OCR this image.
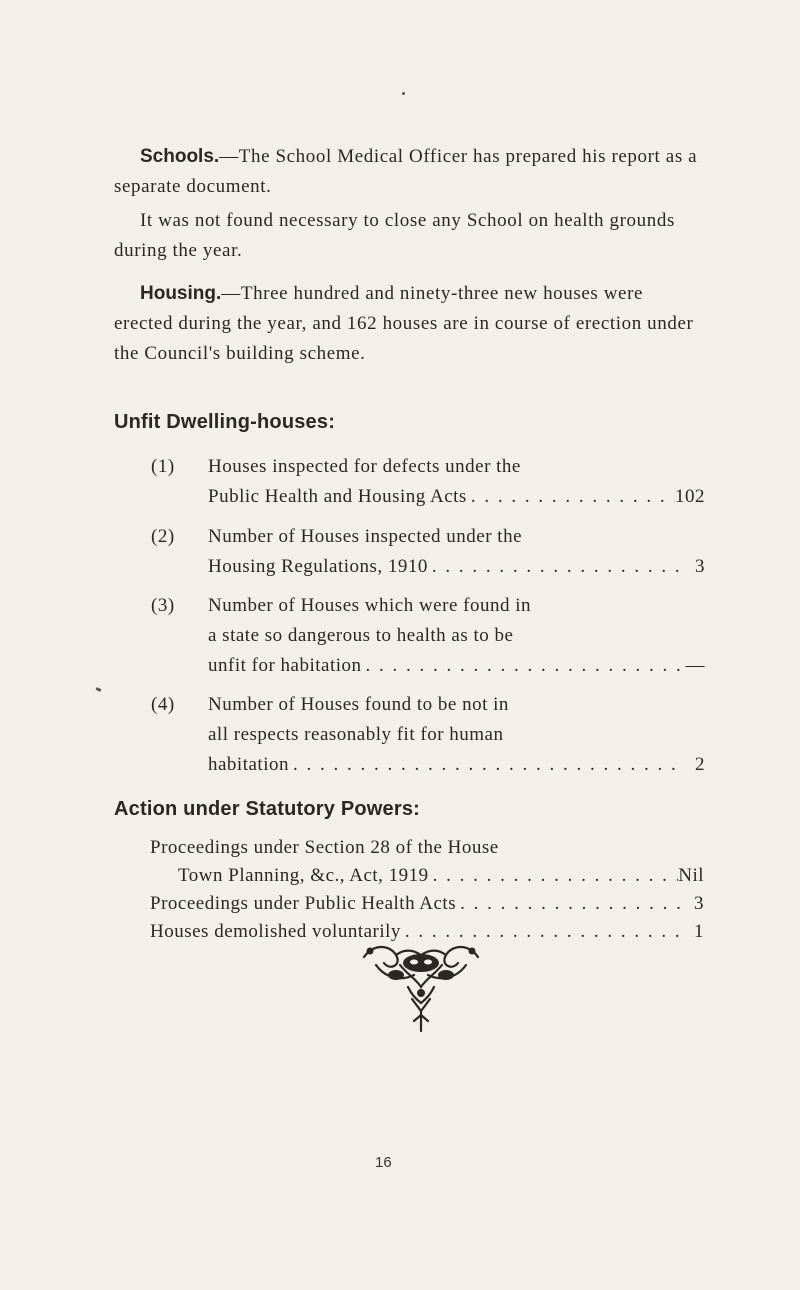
Schools.—The School Medical Officer has prepared his report as a separate document.
It was not found necessary to close any School on health grounds during the year.
Housing.—Three hundred and ninety-three new houses were erected during the year, and 162 houses are in course of erection under the Council's building scheme.
Unfit Dwelling-houses:
(1) Houses inspected for defects under the
Public Health and Housing Acts . . .	102
(2) Number of Houses inspected under the
Housing Regulations, 1910 . . .	3
(3) Number of Houses which were found in
a state so dangerous to health as to be
unfit for habitation . . .	—
(4) Number of Houses found to be not in
all respects reasonably fit for human
habitation . . .	2
Action under Statutory Powers:
Proceedings under Section 28 of the House
Town Planning, &c., Act, 1919 . . .	Nil
Proceedings under Public Health Acts . . .	3
Houses demolished voluntarily . . .	1
16
